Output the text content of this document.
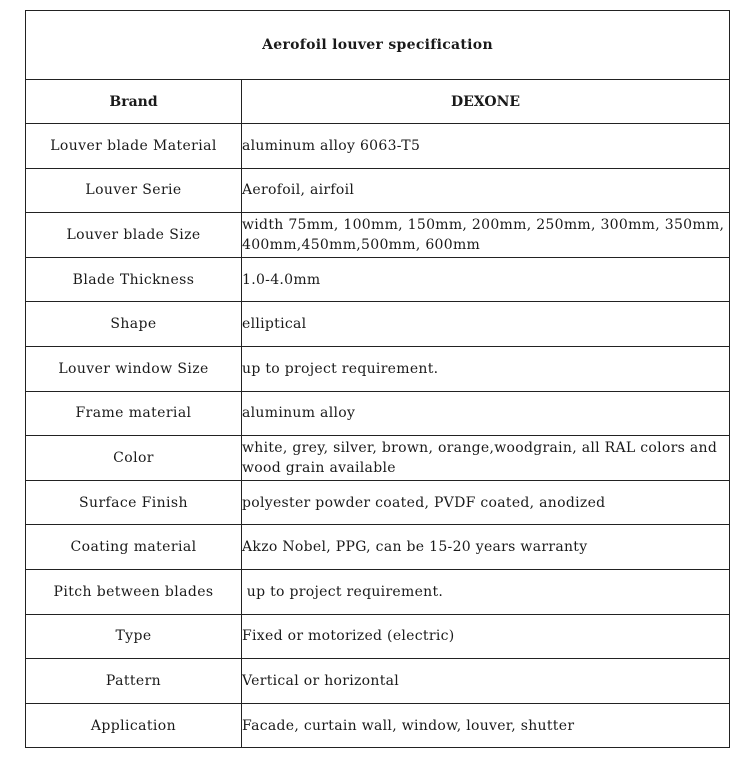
Aerofoil louver specification	
Brand	DEXONE
Louver blade Material	aluminum alloy 6063-T5
Louver Serie	Aerofoil, airfoil
Louver blade Size	width 75mm, 100mm, 150mm, 200mm, 250mm, 300mm, 350mm, 400mm,450mm,500mm, 600mm
Blade Thickness	1.0-4.0mm
Shape	elliptical
Louver window Size	up to project requirement.
Frame material	aluminum alloy
Color	white, grey, silver, brown, orange,woodgrain, all RAL colors and wood grain available
Surface Finish	polyester powder coated, PVDF coated, anodized
Coating material	Akzo Nobel, PPG, can be 15-20 years warranty
Pitch between blades	up to project requirement.
Type	Fixed or motorized (electric)
Pattern	Vertical or horizontal
Application	Facade, curtain wall, window, louver, shutter
